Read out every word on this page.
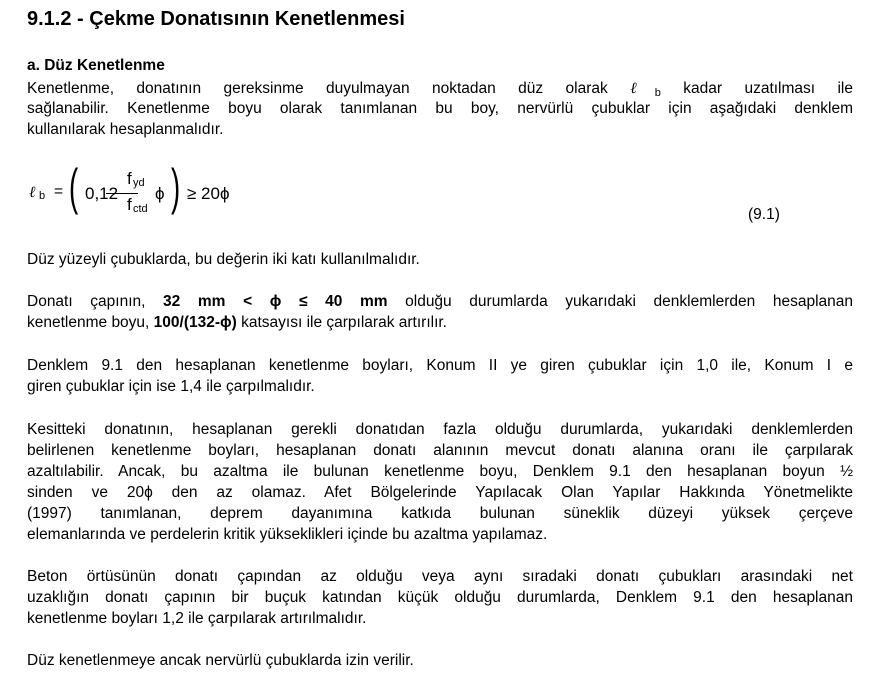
9.1.2 - Çekme Donatısının Kenetlenmesi
a. Düz Kenetlenme
Kenetlenme, donatının gereksinme duyulmayan noktadan düz olarak ℓb kadar uzatılması ile
sağlanabilir. Kenetlenme boyu olarak tanımlanan bu boy, nervürlü çubuklar için aşağıdaki denklem
kullanılarak hesaplanmalıdır.
ℓ b = ( 0,12
f yd
f ctd
ϕ ) ≥ 20ϕ
(9.1)
Düz yüzeyli çubuklarda, bu değerin iki katı kullanılmalıdır.
Donatı çapının, 32 mm < ϕ ≤ 40 mm olduğu durumlarda yukarıdaki denklemlerden hesaplanan
kenetlenme boyu, 100/(132-ϕ) katsayısı ile çarpılarak artırılır.
Denklem 9.1 den hesaplanan kenetlenme boyları, Konum II ye giren çubuklar için 1,0 ile, Konum I e
giren çubuklar için ise 1,4 ile çarpılmalıdır.
Kesitteki donatının, hesaplanan gerekli donatıdan fazla olduğu durumlarda, yukarıdaki denklemlerden
belirlenen kenetlenme boyları, hesaplanan donatı alanının mevcut donatı alanına oranı ile çarpılarak
azaltılabilir. Ancak, bu azaltma ile bulunan kenetlenme boyu, Denklem 9.1 den hesaplanan boyun ½
sinden ve 20ϕ den az olamaz. Afet Bölgelerinde Yapılacak Olan Yapılar Hakkında Yönetmelikte
(1997) tanımlanan, deprem dayanımına katkıda bulunan süneklik düzeyi yüksek çerçeve
elemanlarında ve perdelerin kritik yükseklikleri içinde bu azaltma yapılamaz.
Beton örtüsünün donatı çapından az olduğu veya aynı sıradaki donatı çubukları arasındaki net
uzaklığın donatı çapının bir buçuk katından küçük olduğu durumlarda, Denklem 9.1 den hesaplanan
kenetlenme boyları 1,2 ile çarpılarak artırılmalıdır.
Düz kenetlenmeye ancak nervürlü çubuklarda izin verilir.
